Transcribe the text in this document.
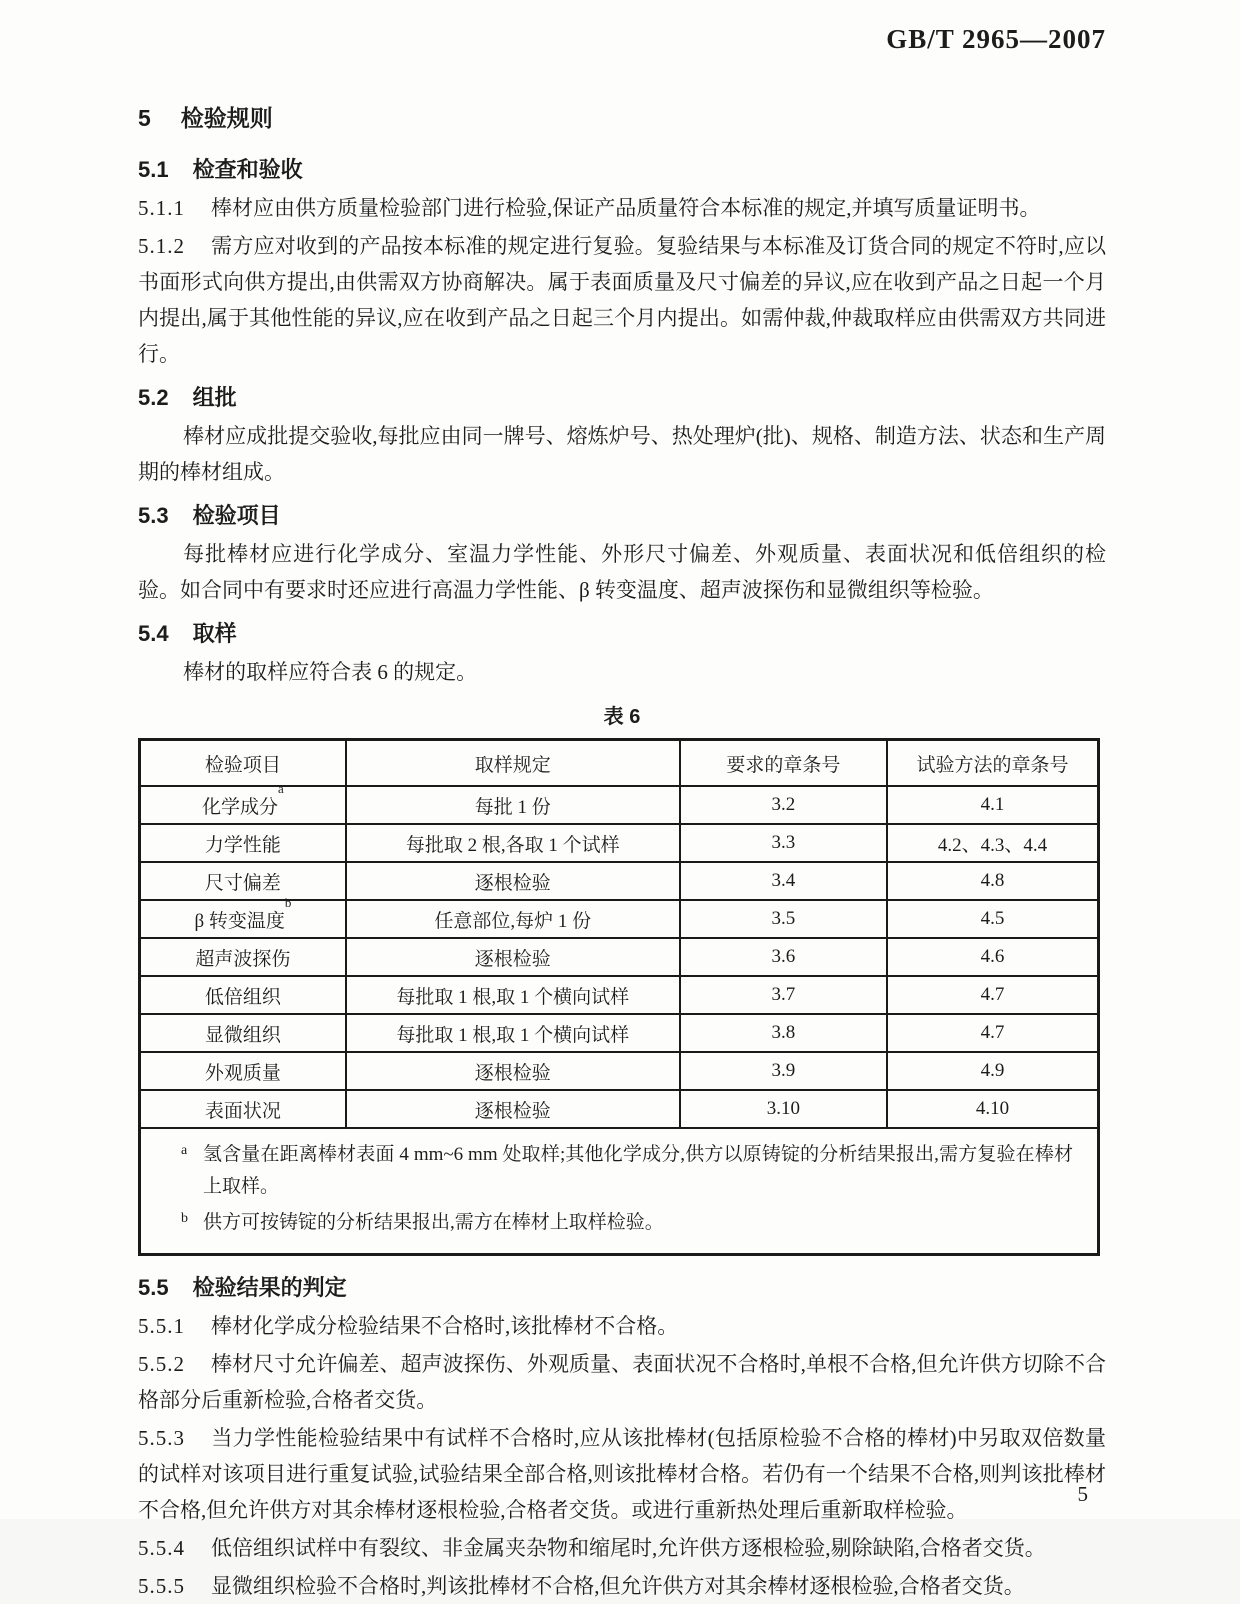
GB/T 2965—2007
5 检验规则
5.1 检查和验收

5.1.1 棒材应由供方质量检验部门进行检验,保证产品质量符合本标准的规定,并填写质量证明书。

5.1.2 需方应对收到的产品按本标准的规定进行复验。复验结果与本标准及订货合同的规定不符时,应以书面形式向供方提出,由供需双方协商解决。属于表面质量及尺寸偏差的异议,应在收到产品之日起一个月内提出,属于其他性能的异议,应在收到产品之日起三个月内提出。如需仲裁,仲裁取样应由供需双方共同进行。

5.2 组批

棒材应成批提交验收,每批应由同一牌号、熔炼炉号、热处理炉(批)、规格、制造方法、状态和生产周期的棒材组成。

5.3 检验项目

每批棒材应进行化学成分、室温力学性能、外形尺寸偏差、外观质量、表面状况和低倍组织的检验。如合同中有要求时还应进行高温力学性能、β 转变温度、超声波探伤和显微组织等检验。

5.4 取样

棒材的取样应符合表 6 的规定。

表 6
检验项目	取样规定	要求的章条号	试验方法的章条号
化学成分$^a$	每批 1 份	3.2	4.1
力学性能	每批取 2 根,各取 1 个试样	3.3	4.2、4.3、4.4
尺寸偏差	逐根检验	3.4	4.8
β 转变温度$^b$	任意部位,每炉 1 份	3.5	4.5
超声波探伤	逐根检验	3.6	4.6
低倍组织	每批取 1 根,取 1 个横向试样	3.7	4.7
显微组织	每批取 1 根,取 1 个横向试样	3.8	4.7
外观质量	逐根检验	3.9	4.9
表面状况	逐根检验	3.10	4.10

a 氢含量在距离棒材表面 4 mm~6 mm 处取样;其他化学成分,供方以原铸锭的分析结果报出,需方复验在棒材上取样。
b 供方可按铸锭的分析结果报出,需方在棒材上取样检验。			
5.5 检验结果的判定

5.5.1 棒材化学成分检验结果不合格时,该批棒材不合格。

5.5.2 棒材尺寸允许偏差、超声波探伤、外观质量、表面状况不合格时,单根不合格,但允许供方切除不合格部分后重新检验,合格者交货。

5.5.3 当力学性能检验结果中有试样不合格时,应从该批棒材(包括原检验不合格的棒材)中另取双倍数量的试样对该项目进行重复试验,试验结果全部合格,则该批棒材合格。若仍有一个结果不合格,则判该批棒材不合格,但允许供方对其余棒材逐根检验,合格者交货。或进行重新热处理后重新取样检验。

5.5.4 低倍组织试样中有裂纹、非金属夹杂物和缩尾时,允许供方逐根检验,剔除缺陷,合格者交货。

5.5.5 显微组织检验不合格时,判该批棒材不合格,但允许供方对其余棒材逐根检验,合格者交货。

5
